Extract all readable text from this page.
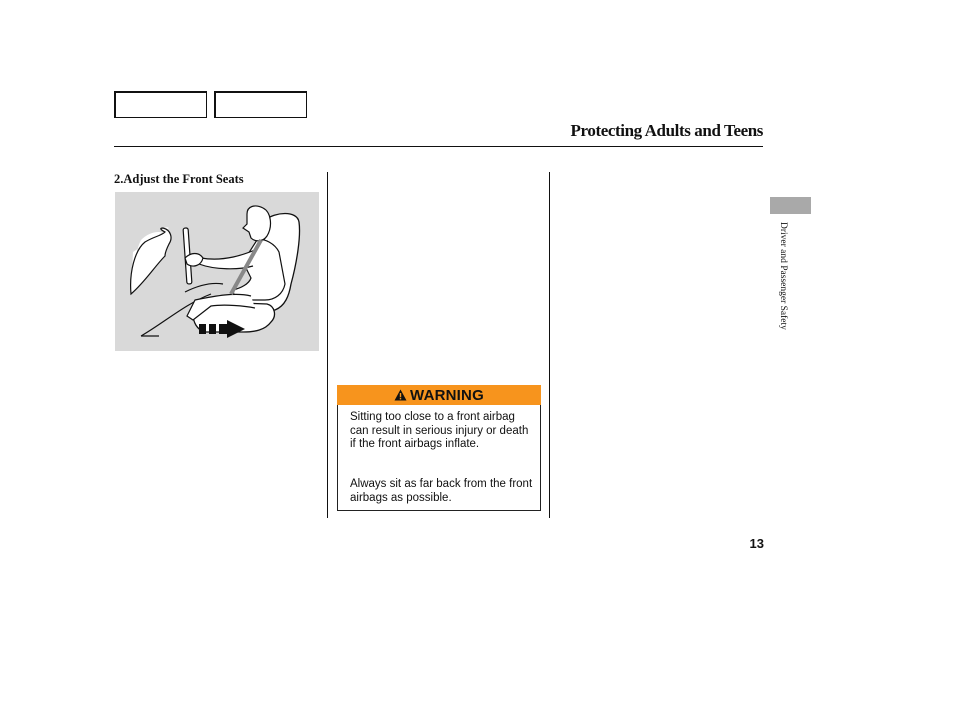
Protecting Adults and Teens
2.Adjust the Front Seats
WARNING
Sitting too close to a front airbag can result in serious injury or death if the front airbags inflate.
Always sit as far back from the front airbags as possible.
Driver and Passenger Safety
13
